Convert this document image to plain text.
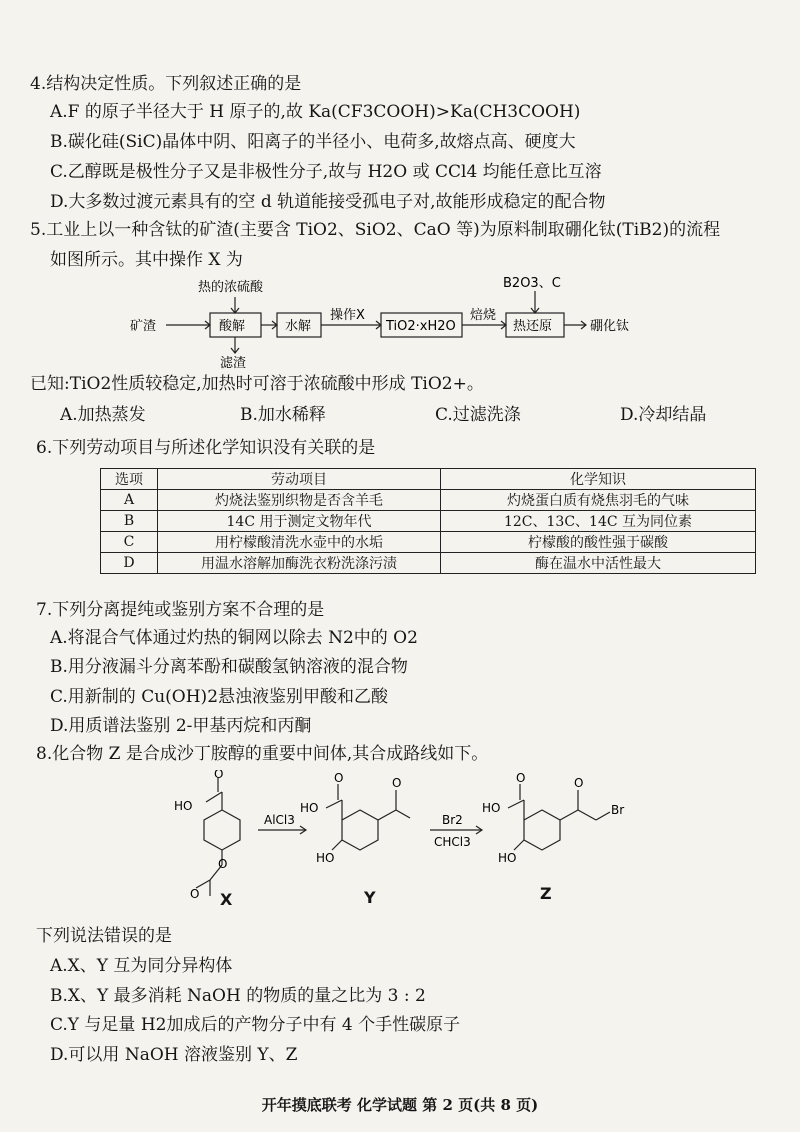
4.结构决定性质。下列叙述正确的是
A.F 的原子半径大于 H 原子的,故 Ka(CF3COOH)>Ka(CH3COOH)
B.碳化硅(SiC)晶体中阴、阳离子的半径小、电荷多,故熔点高、硬度大
C.乙醇既是极性分子又是非极性分子,故与 H2O 或 CCl4 均能任意比互溶
D.大多数过渡元素具有的空 d 轨道能接受孤电子对,故能形成稳定的配合物
5.工业上以一种含钛的矿渣(主要含 TiO2、SiO2、CaO 等)为原料制取硼化钛(TiB2)的流程
如图所示。其中操作 X 为
矿渣
热的浓硫酸
酸解
滤渣
水解
操作X
TiO2·xH2O
焙烧
B2O3、C
热还原	硼化钛
已知:TiO2性质较稳定,加热时可溶于浓硫酸中形成 TiO2+。
A.加热蒸发	B.加水稀释	C.过滤洗涤	D.冷却结晶
6.下列劳动项目与所述化学知识没有关联的是
选项	劳动项目	化学知识
A	灼烧法鉴别织物是否含羊毛	灼烧蛋白质有烧焦羽毛的气味
B	14C 用于测定文物年代	12C、13C、14C 互为同位素
C	用柠檬酸清洗水壶中的水垢	柠檬酸的酸性强于碳酸
D	用温水溶解加酶洗衣粉洗涤污渍	酶在温水中活性最大
7.下列分离提纯或鉴别方案不合理的是
A.将混合气体通过灼热的铜网以除去 N2中的 O2
B.用分液漏斗分离苯酚和碳酸氢钠溶液的混合物
C.用新制的 Cu(OH)2悬浊液鉴别甲酸和乙酸
D.用质谱法鉴别 2-甲基丙烷和丙酮
8.化合物 Z 是合成沙丁胺醇的重要中间体,其合成路线如下。
O
HO
O
O
AlCl3
O
HO
HO
O
Br2
CHCl3
O
HO
HO
O
Br
X	Y	Z
下列说法错误的是
A.X、Y 互为同分异构体
B.X、Y 最多消耗 NaOH 的物质的量之比为 3 : 2
C.Y 与足量 H2加成后的产物分子中有 4 个手性碳原子
D.可以用 NaOH 溶液鉴别 Y、Z
开年摸底联考 化学试题 第 2 页(共 8 页)
